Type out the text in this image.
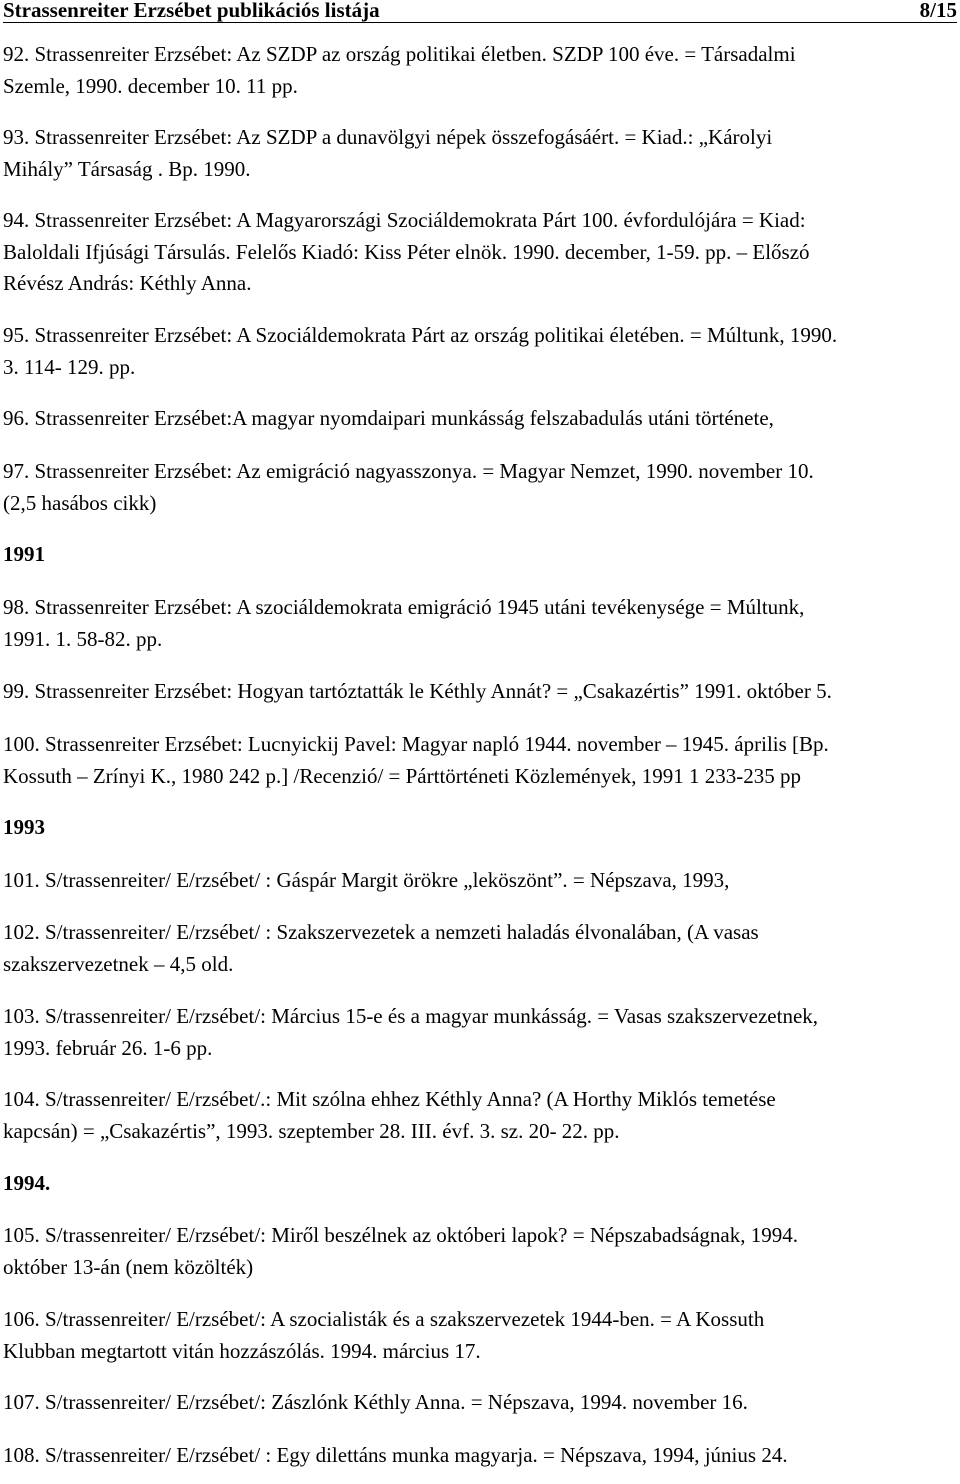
Strassenreiter Erzsébet publikációs listája	8/15
92. Strassenreiter Erzsébet: Az SZDP az ország politikai életben. SZDP 100 éve. = Társadalmi
Szemle, 1990. december 10. 11 pp.
93. Strassenreiter Erzsébet: Az SZDP a dunavölgyi népek összefogásáért. = Kiad.: „Károlyi
Mihály” Társaság . Bp. 1990.
94. Strassenreiter Erzsébet: A Magyarországi Szociáldemokrata Párt 100. évfordulójára = Kiad:
Baloldali Ifjúsági Társulás. Felelős Kiadó: Kiss Péter elnök. 1990. december, 1-59. pp. – Előszó
Révész András: Kéthly Anna.
95. Strassenreiter Erzsébet: A Szociáldemokrata Párt az ország politikai életében. = Múltunk, 1990.
3. 114- 129. pp.
96. Strassenreiter Erzsébet:A magyar nyomdaipari munkásság felszabadulás utáni története,
97. Strassenreiter Erzsébet: Az emigráció nagyasszonya. = Magyar Nemzet, 1990. november 10.
(2,5 hasábos cikk)
1991
98. Strassenreiter Erzsébet: A szociáldemokrata emigráció 1945 utáni tevékenysége = Múltunk,
1991. 1. 58-82. pp.
99. Strassenreiter Erzsébet: Hogyan tartóztatták le Kéthly Annát? = „Csakazértis” 1991. október 5.
100. Strassenreiter Erzsébet: Lucnyickij Pavel: Magyar napló 1944. november – 1945. április [Bp.
Kossuth – Zrínyi K., 1980 242 p.] /Recenzió/ = Párttörténeti Közlemények, 1991 1 233-235 pp
1993
101. S/trassenreiter/ E/rzsébet/ : Gáspár Margit örökre „leköszönt”. = Népszava, 1993,
102. S/trassenreiter/ E/rzsébet/ : Szakszervezetek a nemzeti haladás élvonalában, (A vasas
szakszervezetnek – 4,5 old.
103. S/trassenreiter/ E/rzsébet/: Március 15-e és a magyar munkásság. = Vasas szakszervezetnek,
1993. február 26. 1-6 pp.
104. S/trassenreiter/ E/rzsébet/.: Mit szólna ehhez Kéthly Anna? (A Horthy Miklós temetése
kapcsán) = „Csakazértis”, 1993. szeptember 28. III. évf. 3. sz. 20- 22. pp.
1994.
105. S/trassenreiter/ E/rzsébet/: Miről beszélnek az októberi lapok? = Népszabadságnak, 1994.
október 13-án (nem közölték)
106. S/trassenreiter/ E/rzsébet/: A szocialisták és a szakszervezetek 1944-ben. = A Kossuth
Klubban megtartott vitán hozzászólás. 1994. március 17.
107. S/trassenreiter/ E/rzsébet/: Zászlónk Kéthly Anna. = Népszava, 1994. november 16.
108. S/trassenreiter/ E/rzsébet/ : Egy dilettáns munka magyarja. = Népszava, 1994, június 24.
